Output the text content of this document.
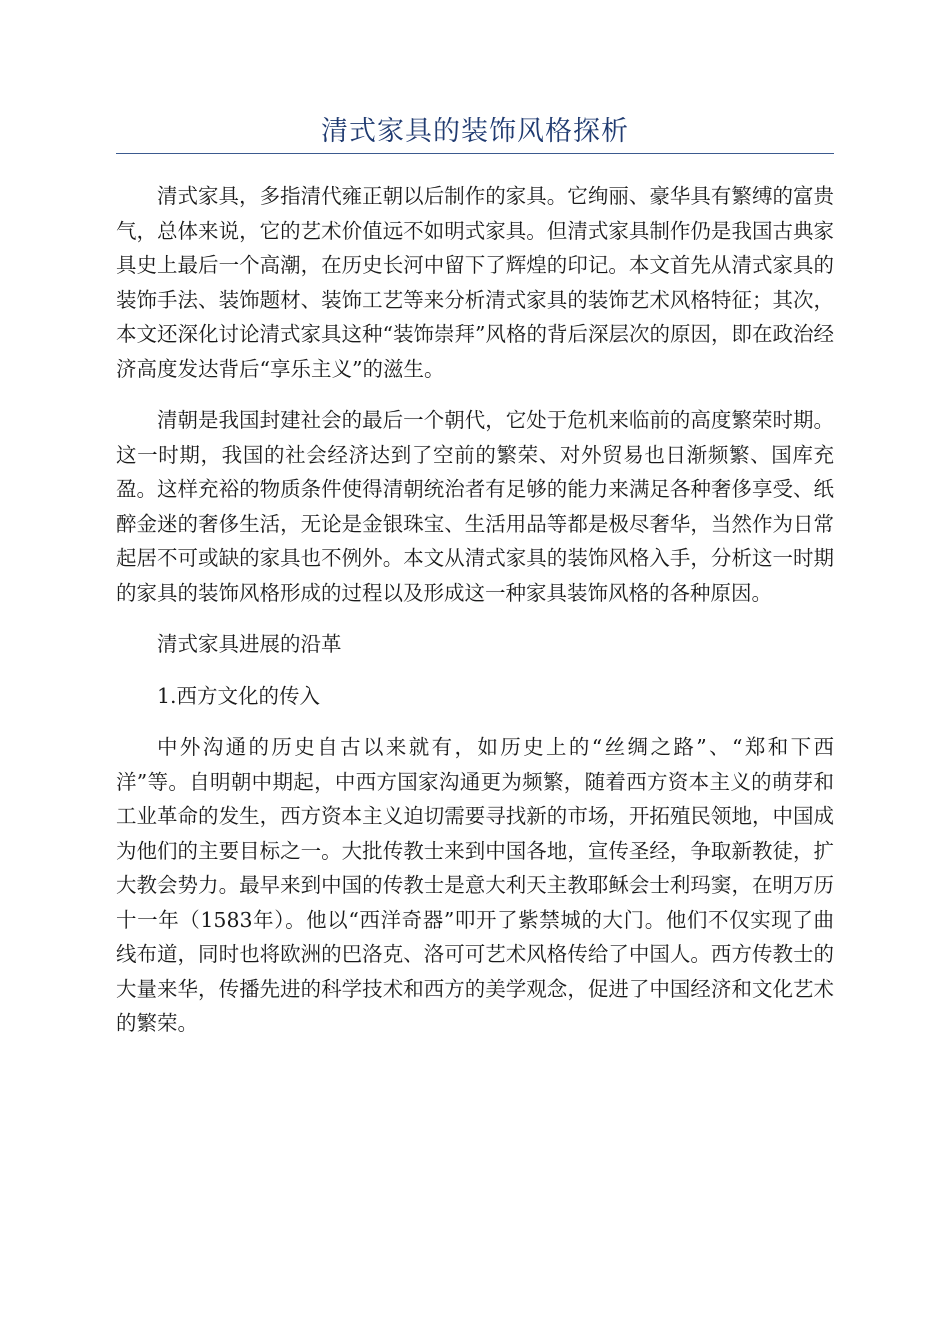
清式家具的装饰风格探析

清式家具，多指清代雍正朝以后制作的家具。它绚丽、豪华具有繁缚的富贵气，总体来说，它的艺术价值远不如明式家具。但清式家具制作仍是我国古典家具史上最后一个高潮，在历史长河中留下了辉煌的印记。本文首先从清式家具的装饰手法、装饰题材、装饰工艺等来分析清式家具的装饰艺术风格特征；其次，本文还深化讨论清式家具这种“装饰崇拜”风格的背后深层次的原因，即在政治经济高度发达背后“享乐主义”的滋生。

清朝是我国封建社会的最后一个朝代，它处于危机来临前的高度繁荣时期。这一时期，我国的社会经济达到了空前的繁荣、对外贸易也日渐频繁、国库充盈。这样充裕的物质条件使得清朝统治者有足够的能力来满足各种奢侈享受、纸醉金迷的奢侈生活，无论是金银珠宝、生活用品等都是极尽奢华，当然作为日常起居不可或缺的家具也不例外。本文从清式家具的装饰风格入手，分析这一时期的家具的装饰风格形成的过程以及形成这一种家具装饰风格的各种原因。

清式家具进展的沿革

1.西方文化的传入

中外沟通的历史自古以来就有，如历史上的“丝绸之路”、“郑和下西洋”等。自明朝中期起，中西方国家沟通更为频繁，随着西方资本主义的萌芽和工业革命的发生，西方资本主义迫切需要寻找新的市场，开拓殖民领地，中国成为他们的主要目标之一。大批传教士来到中国各地，宣传圣经，争取新教徒，扩大教会势力。最早来到中国的传教士是意大利天主教耶稣会士利玛窦，在明万历十一年（1583年）。他以“西洋奇器”叩开了紫禁城的大门。他们不仅实现了曲线布道，同时也将欧洲的巴洛克、洛可可艺术风格传给了中国人。西方传教士的大量来华，传播先进的科学技术和西方的美学观念，促进了中国经济和文化艺术的繁荣。
